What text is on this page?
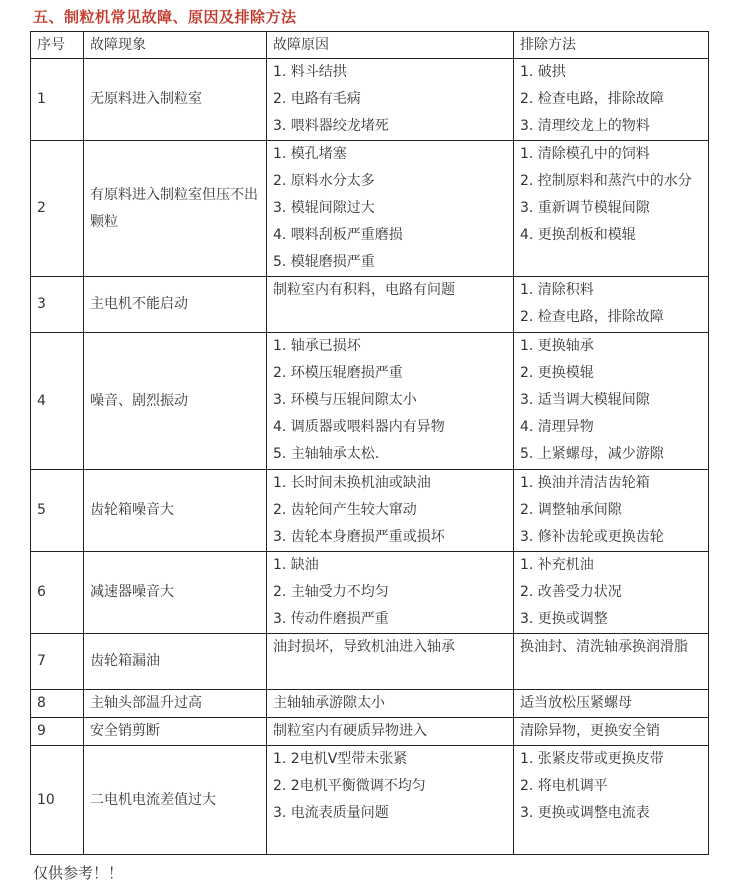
五、制粒机常见故障、原因及排除方法
序号	故障现象	故障原因	排除方法
1	无原料进入制粒室	1. 料斗结拱
2. 电路有毛病
3. 喂料器绞龙堵死	1. 破拱
2. 检查电路，排除故障
3. 清理绞龙上的物料

2	有原料进入制粒室但压不出颗粒	1. 模孔堵塞
2. 原料水分太多
3. 模辊间隙过大
4. 喂料刮板严重磨损
5. 模辊磨损严重	1. 清除模孔中的饲料
2. 控制原料和蒸汽中的水分
3. 重新调节模辊间隙
4. 更换刮板和模辊

3	主电机不能启动	制粒室内有积料，电路有问题	1. 清除积料
2. 检查电路，排除故障

4	噪音、剧烈振动	1. 轴承已损坏
2. 环模压辊磨损严重
3. 环模与压辊间隙太小
4. 调质器或喂料器内有异物
5. 主轴轴承太松.	1. 更换轴承
2. 更换模辊
3. 适当调大模辊间隙
4. 清理异物
5. 上紧螺母，减少游隙

5	齿轮箱噪音大	1. 长时间未换机油或缺油
2. 齿轮间产生较大窜动
3. 齿轮本身磨损严重或损坏	1. 换油并清洁齿轮箱
2. 调整轴承间隙
3. 修补齿轮或更换齿轮

6	减速器噪音大	1. 缺油
2. 主轴受力不均匀
3. 传动件磨损严重	1. 补充机油
2. 改善受力状况
3. 更换或调整

7	齿轮箱漏油	油封损坏，导致机油进入轴承	换油封、清洗轴承换润滑脂

8	主轴头部温升过高	主轴轴承游隙太小	适当放松压紧螺母

9	安全销剪断	制粒室内有硬质异物进入	清除异物，更换安全销

10	二电机电流差值过大	1. 2电机V型带未张紧
2. 2电机平衡微调不均匀
3. 电流表质量问题	1. 张紧皮带或更换皮带
2. 将电机调平
3. 更换或调整电流表
仅供参考！！
